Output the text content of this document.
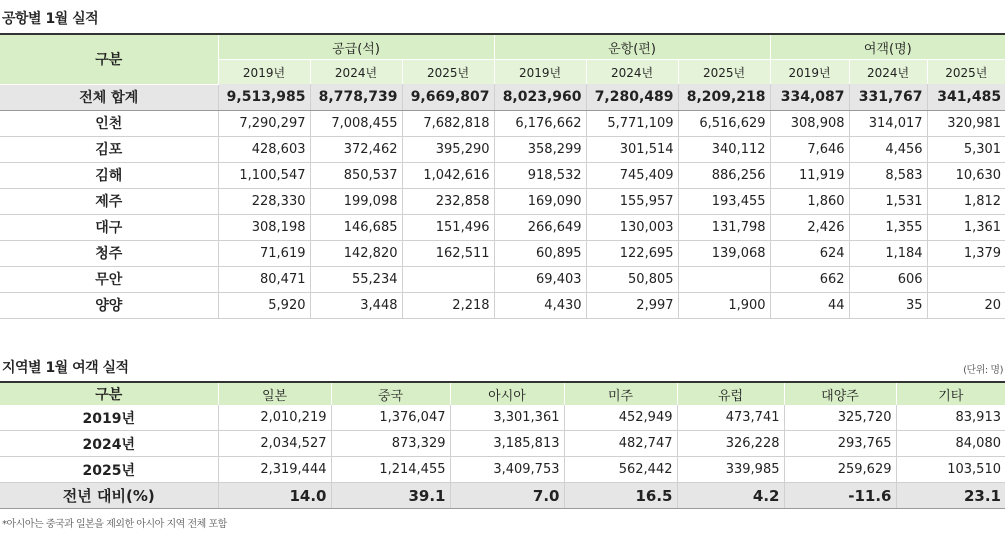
공항별 1월 실적
구분	공급(석)			운항(편)			여객(명)		
	2019년	2024년	2025년	2019년	2024년	2025년	2019년	2024년	2025년
전체 합계	9,513,985	8,778,739	9,669,807	8,023,960	7,280,489	8,209,218	334,087	331,767	341,485
인천	7,290,297	7,008,455	7,682,818	6,176,662	5,771,109	6,516,629	308,908	314,017	320,981
김포	428,603	372,462	395,290	358,299	301,514	340,112	7,646	4,456	5,301
김해	1,100,547	850,537	1,042,616	918,532	745,409	886,256	11,919	8,583	10,630
제주	228,330	199,098	232,858	169,090	155,957	193,455	1,860	1,531	1,812
대구	308,198	146,685	151,496	266,649	130,003	131,798	2,426	1,355	1,361
청주	71,619	142,820	162,511	60,895	122,695	139,068	624	1,184	1,379
무안	80,471	55,234		69,403	50,805		662	606	
양양	5,920	3,448	2,218	4,430	2,997	1,900	44	35	20
지역별 1월 여객 실적	(단위: 명)
구분	일본	중국	아시아	미주	유럽	대양주	기타
2019년	2,010,219	1,376,047	3,301,361	452,949	473,741	325,720	83,913
2024년	2,034,527	873,329	3,185,813	482,747	326,228	293,765	84,080
2025년	2,319,444	1,214,455	3,409,753	562,442	339,985	259,629	103,510
전년 대비(%)	14.0	39.1	7.0	16.5	4.2	-11.6	23.1
*아시아는 중국과 일본을 제외한 아시아 지역 전체 포함
